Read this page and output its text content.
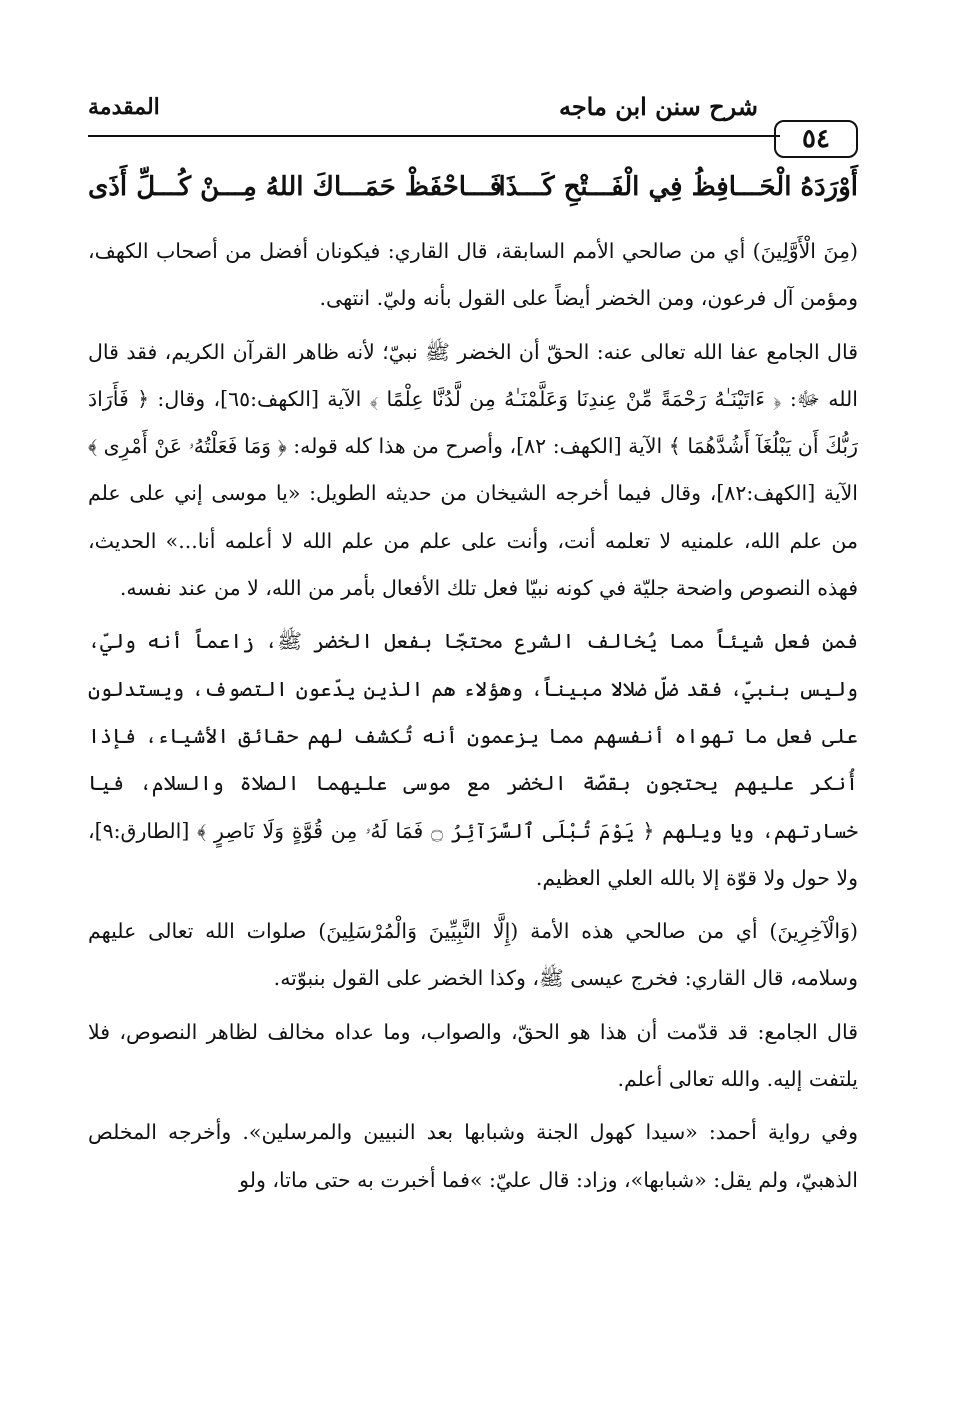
٥٤
شرح سنن ابن ماجه
المقدمة
أَوْرَدَهُ الْحَـــافِظُ فِي الْفَـــتْحِ كَـــذَا
فَـــاحْفَظْ حَمَـــاكَ اللهُ مِـــنْ كُـــلِّ أَذَى

(مِنَ الْأَوَّلِينَ) أي من صالحي الأمم السابقة، قال القاري: فيكونان أفضل من أصحاب الكهف، ومؤمن آل فرعون، ومن الخضر أيضاً على القول بأنه وليّ. انتهى.

قال الجامع عفا الله تعالى عنه: الحقّ أن الخضر ﷺ نبيّ؛ لأنه ظاهر القرآن الكريم، فقد قال الله ﷻ: ﴿ ءَاتَيْنَـٰهُ رَحْمَةً مِّنْ عِندِنَا وَعَلَّمْنَـٰهُ مِن لَّدُنَّا عِلْمًا ﴾ الآية [الكهف:٦٥]، وقال: ﴿ فَأَرَادَ رَبُّكَ أَن يَبْلُغَآ أَشُدَّهُمَا ﴾ الآية [الكهف: ٨٢]، وأصرح من هذا كله قوله: ﴿ وَمَا فَعَلْتُهُۥ عَنْ أَمْرِى ﴾ الآية [الكهف:٨٢]، وقال فيما أخرجه الشيخان من حديثه الطويل: «يا موسى إني على علم من علم الله، علمنيه لا تعلمه أنت، وأنت على علم من علم الله لا أعلمه أنا...» الحديث، فهذه النصوص واضحة جليّة في كونه نبيّا فعل تلك الأفعال بأمر من الله، لا من عند نفسه.

فمن فعل شيئاً مما يُخالف الشرع محتجّا بفعل الخضر ﷺ، زاعماً أنه وليّ، وليس بنبيّ، فقد ضلّ ضلالا مبيناً، وهؤلاء هم الذين يدّعون التصوف، ويستدلون على فعل ما تهواه أنفسهم مما يزعمون أنه تُكشف لهم حقائق الأشياء، فإذا أُنكر عليهم يحتجون بقصّة الخضر مع موسى عليهما الصلاة والسلام، فيا خسارتهم، ويا ويلهم ﴿ يَوْمَ تُبْلَى ٱلسَّرَآئِرُ ۝ فَمَا لَهُۥ مِن قُوَّةٍ وَلَا نَاصِرٍ ﴾ [الطارق:٩]، ولا حول ولا قوّة إلا بالله العلي العظيم.

(وَالْآخِرِينَ) أي من صالحي هذه الأمة (إِلَّا النَّبِيِّينَ وَالْمُرْسَلِينَ) صلوات الله تعالى عليهم وسلامه، قال القاري: فخرج عيسى ﷺ، وكذا الخضر على القول بنبوّته.

قال الجامع: قد قدّمت أن هذا هو الحقّ، والصواب، وما عداه مخالف لظاهر النصوص، فلا يلتفت إليه. والله تعالى أعلم.

وفي رواية أحمد: «سيدا كهول الجنة وشبابها بعد النبيين والمرسلين». وأخرجه المخلص الذهبيّ، ولم يقل: «شبابها»، وزاد: قال عليّ: »فما أخبرت به حتى ماتا، ولو
